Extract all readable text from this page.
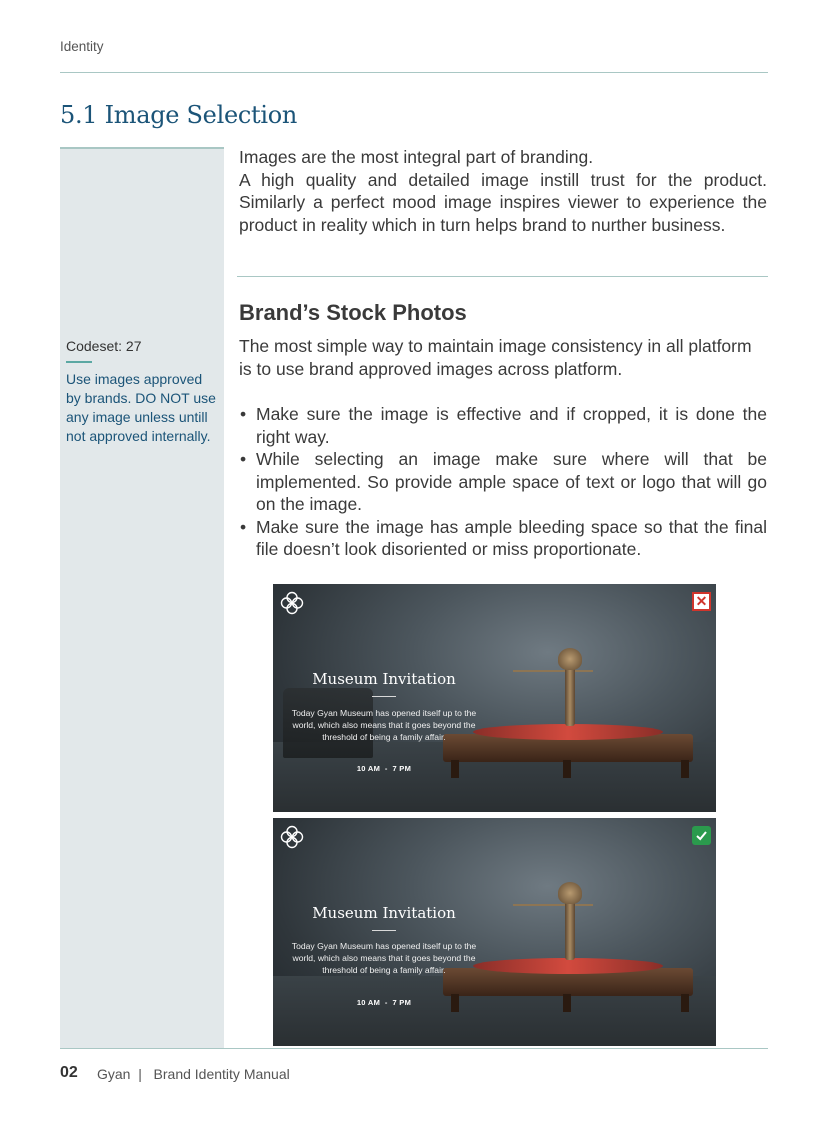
Identity
5.1 Image Selection
Codeset: 27
Use images approved by brands. DO NOT use any image unless untill not approved internally.

Images are the most integral part of branding.

A high quality and detailed image instill trust for the product. Similarly a perfect mood image inspires viewer to experience the product in reality which in turn helps brand to nurther business.

Brand’s Stock Photos

The most simple way to maintain image consistency in all platform is to use brand approved images across platform.

• Make sure the image is effective and if cropped, it is done the right way.
• While selecting an image make sure where will that be implemented. So provide ample space of text or logo that will go on the image.
• Make sure the image has ample bleeding space so that the final file doesn’t look disoriented or miss proportionate.
✕
Museum Invitation

Today Gyan Museum has opened itself up to the world, which also means that it goes beyond the threshold of being a family affair.

10 AM  -  7 PM
Museum Invitation

Today Gyan Museum has opened itself up to the world, which also means that it goes beyond the threshold of being a family affair.

10 AM  -  7 PM
02 Gyan  |   Brand Identity Manual
